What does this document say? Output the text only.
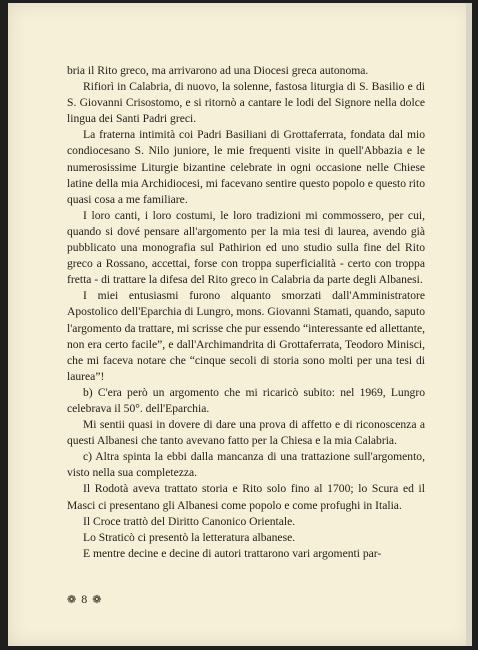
bria il Rito greco, ma arrivarono ad una Diocesi greca autonoma.

Rifiorì in Calabria, di nuovo, la solenne, fastosa liturgia di S. Basilio e di S. Giovanni Crisostomo, e si ritornò a cantare le lodi del Signore nella dolce lingua dei Santi Padri greci.

La fraterna intimità coi Padri Basiliani di Grottaferrata, fondata dal mio condiocesano S. Nilo juniore, le mie frequenti visite in quell'Abbazia e le numerosissime Liturgie bizantine celebrate in ogni occasione nelle Chiese latine della mia Archidiocesi, mi facevano sentire questo popolo e questo rito quasi cosa a me familiare.

I loro canti, i loro costumi, le loro tradizioni mi commossero, per cui, quando si dové pensare all'argomento per la mia tesi di laurea, avendo già pubblicato una monografia sul Pathirion ed uno studio sulla fine del Rito greco a Rossano, accettai, forse con troppa superficialità - certo con troppa fretta - di trattare la difesa del Rito greco in Calabria da parte degli Albanesi.

I miei entusiasmi furono alquanto smorzati dall'Amministratore Apostolico dell'Eparchia di Lungro, mons. Giovanni Stamati, quando, saputo l'argomento da trattare, mi scrisse che pur essendo “interessante ed allettante, non era certo facile”, e dall'Archimandrita di Grottaferrata, Teodoro Minisci, che mi faceva notare che “cinque secoli di storia sono molti per una tesi di laurea”!

b) C'era però un argomento che mi ricaricò subito: nel 1969, Lungro celebrava il 50°. dell'Eparchia.

Mi sentii quasi in dovere di dare una prova di affetto e di riconoscenza a questi Albanesi che tanto avevano fatto per la Chiesa e la mia Calabria.

c) Altra spinta la ebbi dalla mancanza di una trattazione sull'argomento, visto nella sua completezza.

Il Rodotà aveva trattato storia e Rito solo fino al 1700; lo Scura ed il Masci ci presentano gli Albanesi come popolo e come profughi in Italia.

Il Croce trattò del Diritto Canonico Orientale.

Lo Straticò ci presentò la letteratura albanese.

E mentre decine e decine di autori trattarono vari argomenti par-

❁ 8 ❁
